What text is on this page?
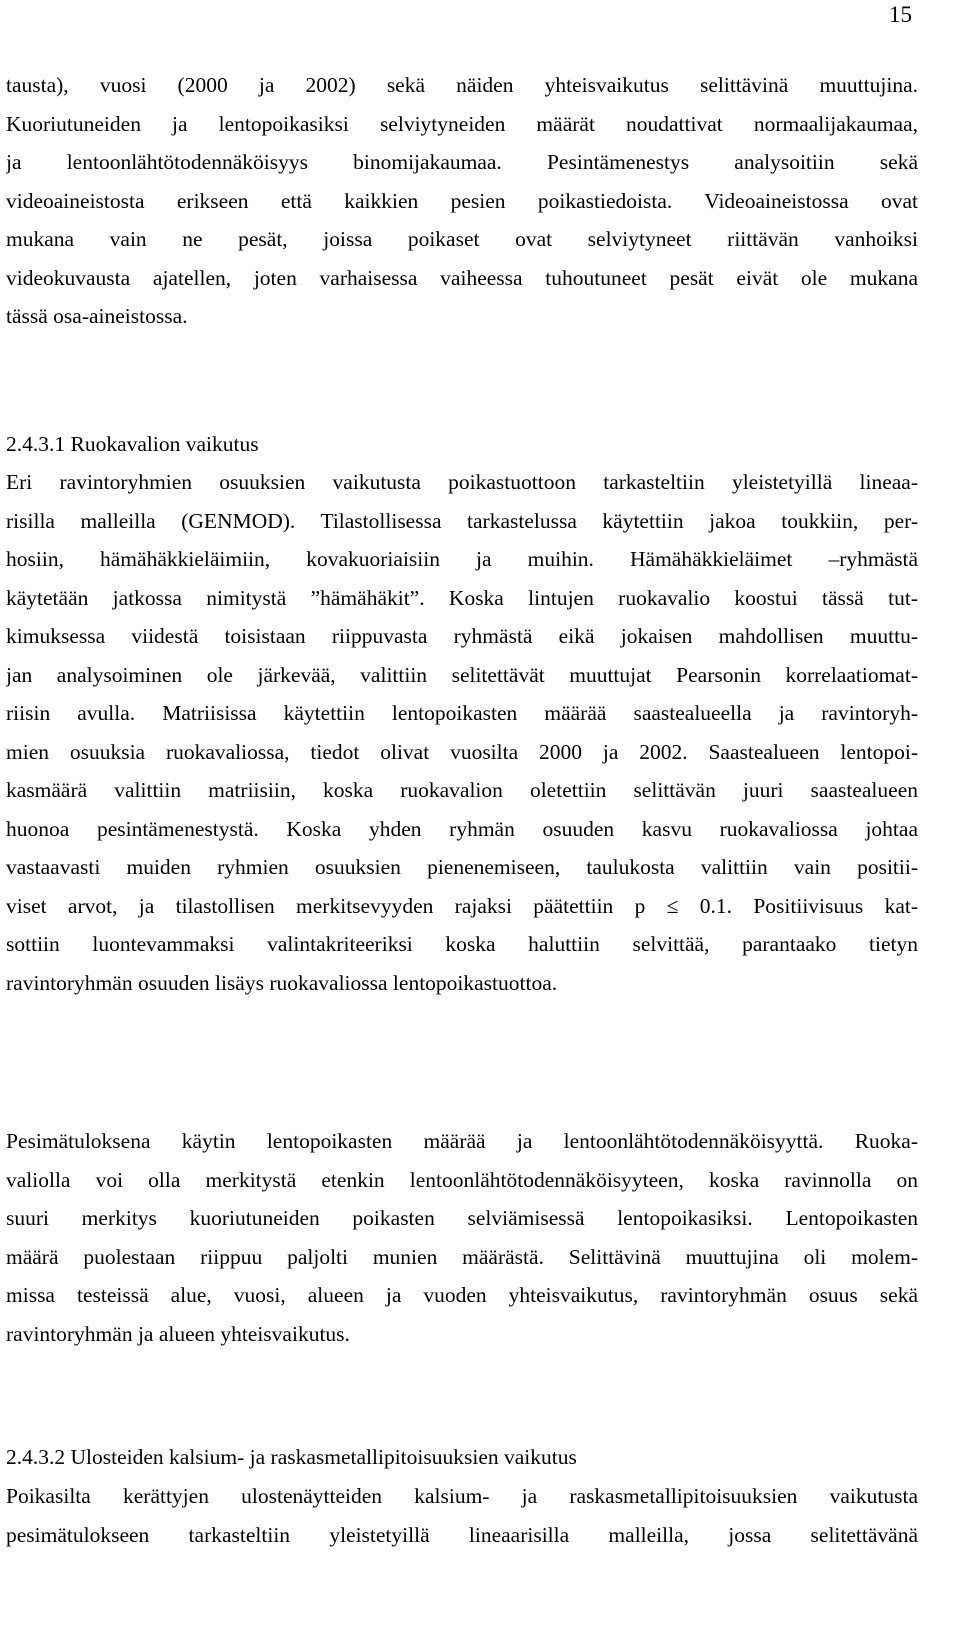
15
tausta), vuosi (2000 ja 2002) sekä näiden yhteisvaikutus selittävinä muuttujina.
Kuoriutuneiden ja lentopoikasiksi selviytyneiden määrät noudattivat normaalijakaumaa,
ja lentoonlähtötodennäköisyys binomijakaumaa. Pesintämenestys analysoitiin sekä
videoaineistosta erikseen että kaikkien pesien poikastiedoista. Videoaineistossa ovat
mukana vain ne pesät, joissa poikaset ovat selviytyneet riittävän vanhoiksi
videokuvausta ajatellen, joten varhaisessa vaiheessa tuhoutuneet pesät eivät ole mukana
tässä osa-aineistossa.
2.4.3.1 Ruokavalion vaikutus
Eri ravintoryhmien osuuksien vaikutusta poikastuottoon tarkasteltiin yleistetyillä lineaa-
risilla malleilla (GENMOD). Tilastollisessa tarkastelussa käytettiin jakoa toukkiin, per-
hosiin, hämähäkkieläimiin, kovakuoriaisiin ja muihin. Hämähäkkieläimet –ryhmästä
käytetään jatkossa nimitystä ”hämähäkit”. Koska lintujen ruokavalio koostui tässä tut-
kimuksessa viidestä toisistaan riippuvasta ryhmästä eikä jokaisen mahdollisen muuttu-
jan analysoiminen ole järkevää, valittiin selitettävät muuttujat Pearsonin korrelaatiomat-
riisin avulla. Matriisissa käytettiin lentopoikasten määrää saastealueella ja ravintoryh-
mien osuuksia ruokavaliossa, tiedot olivat vuosilta 2000 ja 2002. Saastealueen lentopoi-
kasmäärä valittiin matriisiin, koska ruokavalion oletettiin selittävän juuri saastealueen
huonoa pesintämenestystä. Koska yhden ryhmän osuuden kasvu ruokavaliossa johtaa
vastaavasti muiden ryhmien osuuksien pienenemiseen, taulukosta valittiin vain positii-
viset arvot, ja tilastollisen merkitsevyyden rajaksi päätettiin p ≤ 0.1. Positiivisuus kat-
sottiin luontevammaksi valintakriteeriksi koska haluttiin selvittää, parantaako tietyn
ravintoryhmän osuuden lisäys ruokavaliossa lentopoikastuottoa.
Pesimätuloksena käytin lentopoikasten määrää ja lentoonlähtötodennäköisyyttä. Ruoka-
valiolla voi olla merkitystä etenkin lentoonlähtötodennäköisyyteen, koska ravinnolla on
suuri merkitys kuoriutuneiden poikasten selviämisessä lentopoikasiksi. Lentopoikasten
määrä puolestaan riippuu paljolti munien määrästä. Selittävinä muuttujina oli molem-
missa testeissä alue, vuosi, alueen ja vuoden yhteisvaikutus, ravintoryhmän osuus sekä
ravintoryhmän ja alueen yhteisvaikutus.
2.4.3.2 Ulosteiden kalsium- ja raskasmetallipitoisuuksien vaikutus
Poikasilta kerättyjen ulostenäytteiden kalsium- ja raskasmetallipitoisuuksien vaikutusta
pesimätulokseen tarkasteltiin yleistetyillä lineaarisilla malleilla, jossa selitettävänä
